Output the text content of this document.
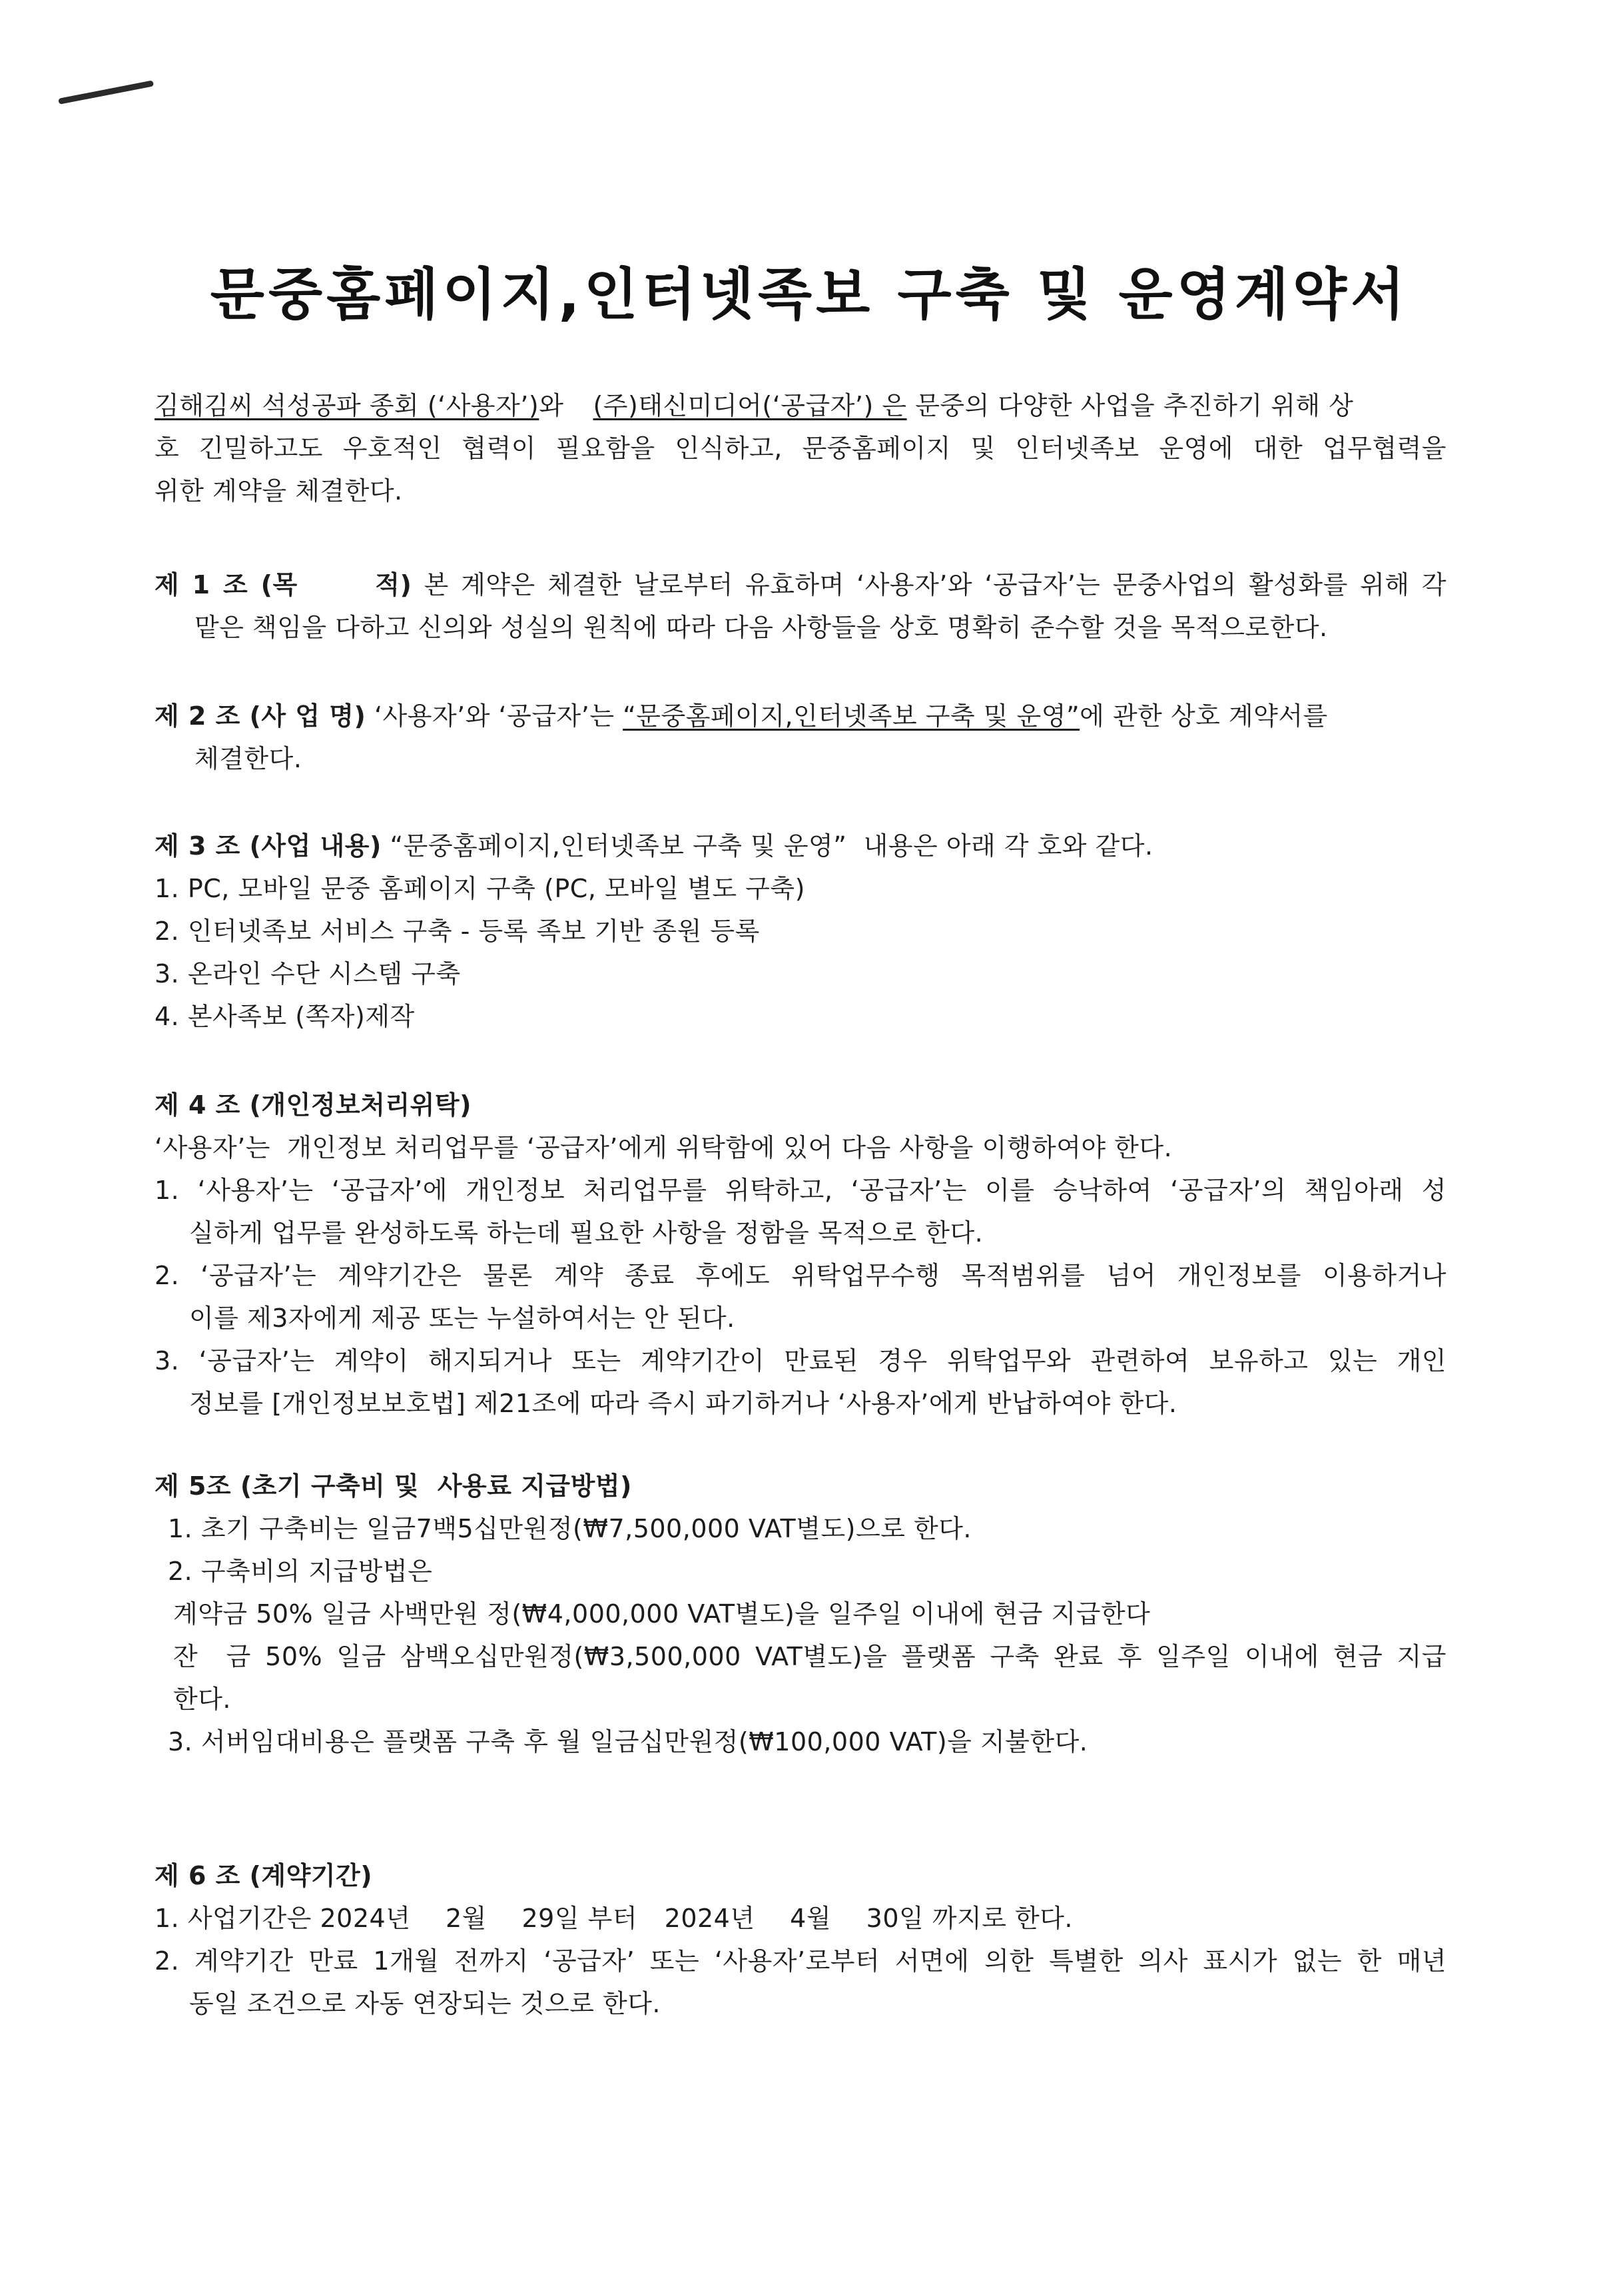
문중홈페이지,인터넷족보 구축 및 운영계약서
김해김씨 석성공파 종회 (‘사용자’)와 (주)태신미디어(‘공급자’) 은 문중의 다양한 사업을 추진하기 위해 상
호 긴밀하고도 우호적인 협력이 필요함을 인식하고, 문중홈페이지 및 인터넷족보 운영에 대한 업무협력을
위한 계약을 체결한다.
제 1 조 (목      적) 본 계약은 체결한 날로부터 유효하며 ‘사용자’와 ‘공급자’는 문중사업의 활성화를 위해 각
맡은 책임을 다하고 신의와 성실의 원칙에 따라 다음 사항들을 상호 명확히 준수할 것을 목적으로한다.
제 2 조 (사 업 명) ‘사용자’와 ‘공급자’는 “문중홈페이지,인터넷족보 구축 및 운영”에 관한 상호 계약서를
체결한다.
제 3 조 (사업 내용) “문중홈페이지,인터넷족보 구축 및 운영”  내용은 아래 각 호와 같다.
1. PC, 모바일 문중 홈페이지 구축 (PC, 모바일 별도 구축)
2. 인터넷족보 서비스 구축 - 등록 족보 기반 종원 등록
3. 온라인 수단 시스템 구축
4. 본사족보 (쪽자)제작
제 4 조 (개인정보처리위탁)
‘사용자’는  개인정보 처리업무를 ‘공급자’에게 위탁함에 있어 다음 사항을 이행하여야 한다.
1. ‘사용자’는 ‘공급자’에 개인정보 처리업무를 위탁하고, ‘공급자’는 이를 승낙하여 ‘공급자’의 책임아래 성
실하게 업무를 완성하도록 하는데 필요한 사항을 정함을 목적으로 한다.
2. ‘공급자’는 계약기간은 물론 계약 종료 후에도 위탁업무수행 목적범위를 넘어 개인정보를 이용하거나
이를 제3자에게 제공 또는 누설하여서는 안 된다.
3. ‘공급자’는 계약이 해지되거나 또는 계약기간이 만료된 경우 위탁업무와 관련하여 보유하고 있는 개인
정보를 [개인정보보호법] 제21조에 따라 즉시 파기하거나 ‘사용자’에게 반납하여야 한다.
제 5조 (초기 구축비 및  사용료 지급방법)
1. 초기 구축비는 일금7백5십만원정(₩7,500,000 VAT별도)으로 한다.
2. 구축비의 지급방법은
계약금 50% 일금 사백만원 정(₩4,000,000 VAT별도)을 일주일 이내에 현금 지급한다
잔  금 50% 일금 삼백오십만원정(₩3,500,000 VAT별도)을 플랫폼 구축 완료 후 일주일 이내에 현금 지급
한다.
3. 서버임대비용은 플랫폼 구축 후 월 일금십만원정(₩100,000 VAT)을 지불한다.
제 6 조 (계약기간)
1. 사업기간은 2024년 2월 29일 부터 2024년 4월 30일 까지로 한다.
2. 계약기간 만료 1개월 전까지 ‘공급자’ 또는 ‘사용자’로부터 서면에 의한 특별한 의사 표시가 없는 한 매년
동일 조건으로 자동 연장되는 것으로 한다.
